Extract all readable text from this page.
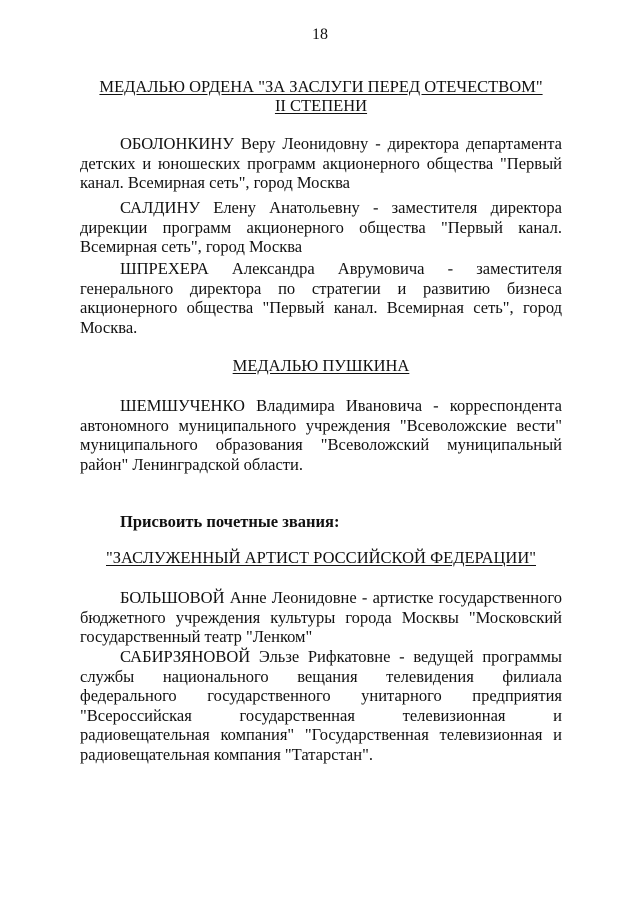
18
МЕДАЛЬЮ ОРДЕНА "ЗА ЗАСЛУГИ ПЕРЕД ОТЕЧЕСТВОМ"
II СТЕПЕНИ
ОБОЛОНКИНУ Веру Леонидовну - директора департамента детских и юношеских программ акционерного общества "Первый канал. Всемирная сеть", город Москва
САЛДИНУ Елену Анатольевну - заместителя директора дирекции программ акционерного общества "Первый канал. Всемирная сеть", город Москва
ШПРЕХЕРА Александра Аврумовича - заместителя генерального директора по стратегии и развитию бизнеса акционерного общества "Первый канал. Всемирная сеть", город Москва.
МЕДАЛЬЮ ПУШКИНА
ШЕМШУЧЕНКО Владимира Ивановича - корреспондента автономного муниципального учреждения "Всеволожские вести" муниципального образования "Всеволожский муниципальный район" Ленинградской области.
Присвоить почетные звания:
"ЗАСЛУЖЕННЫЙ АРТИСТ РОССИЙСКОЙ ФЕДЕРАЦИИ"
БОЛЬШОВОЙ Анне Леонидовне - артистке государственного бюджетного учреждения культуры города Москвы "Московский государственный театр "Ленком"
САБИРЗЯНОВОЙ Эльзе Рифкатовне - ведущей программы службы национального вещания телевидения филиала федерального государственного унитарного предприятия "Всероссийская государственная телевизионная и радиовещательная компания" "Государственная телевизионная и радиовещательная компания "Татарстан".
